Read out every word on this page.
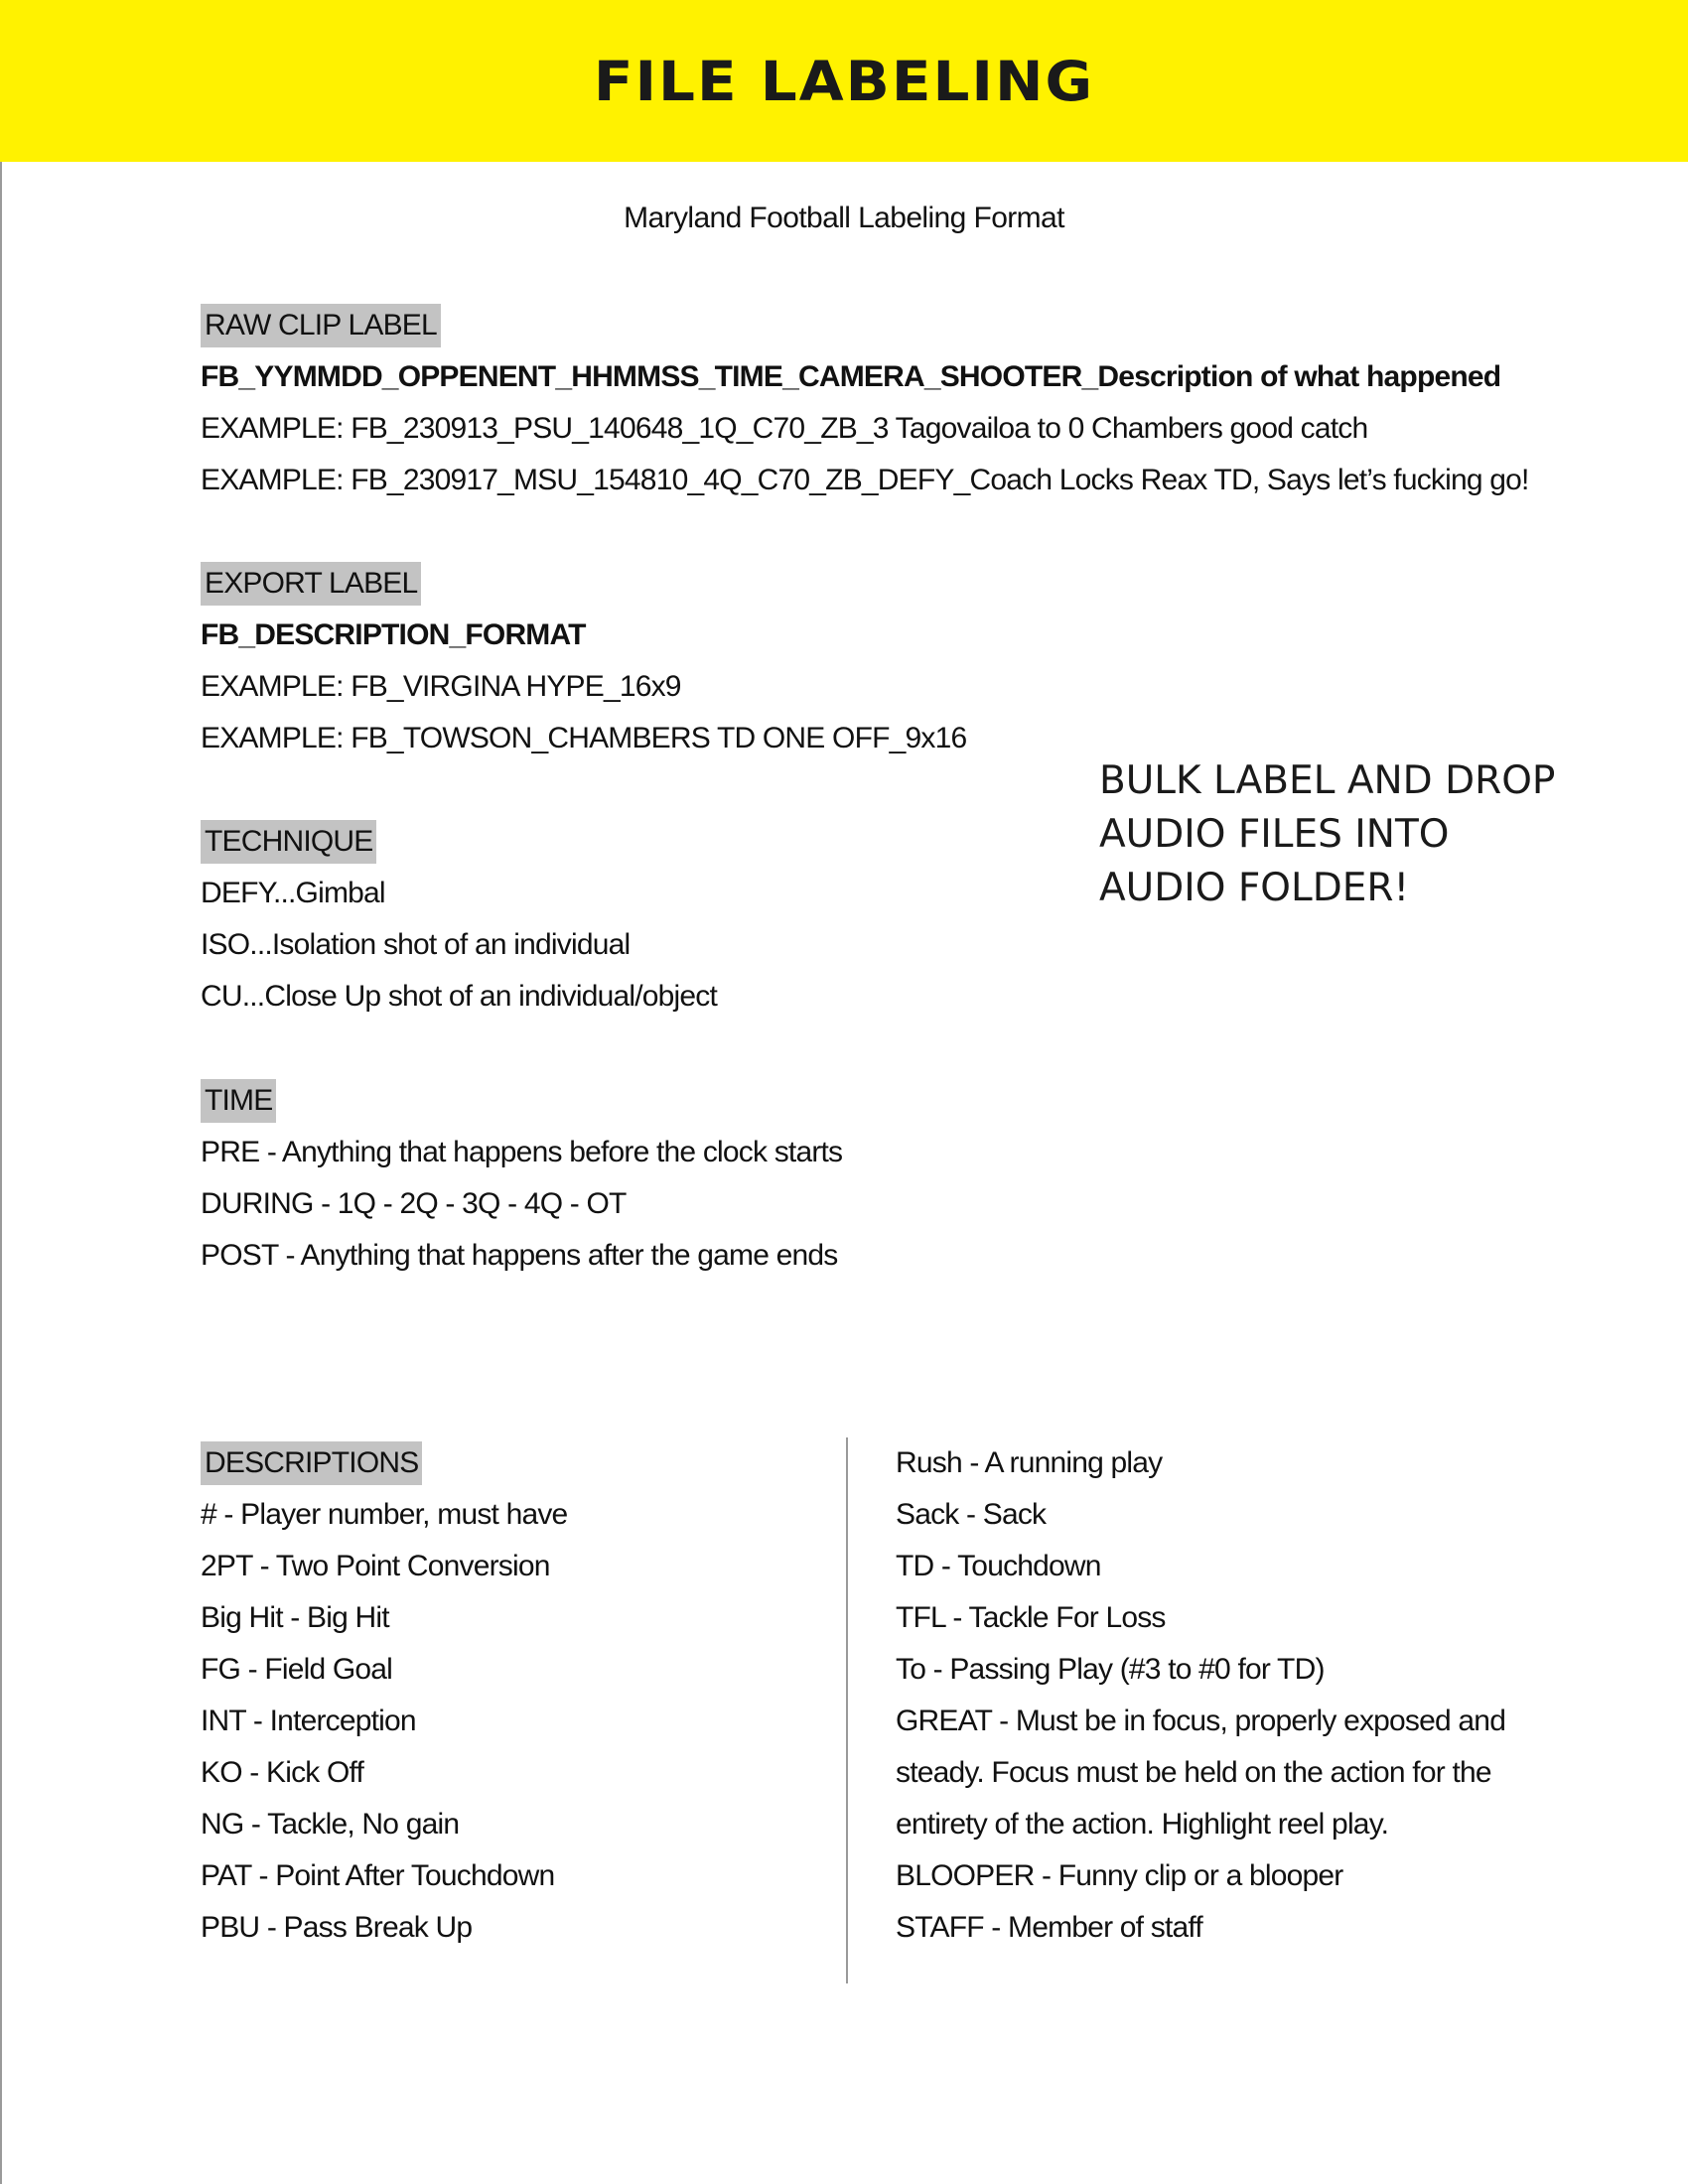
FILE LABELING
Maryland Football Labeling Format
RAW CLIP LABEL
FB_YYMMDD_OPPENENT_HHMMSS_TIME_CAMERA_SHOOTER_Description of what happened
EXAMPLE: FB_230913_PSU_140648_1Q_C70_ZB_3 Tagovailoa to 0 Chambers good catch
EXAMPLE: FB_230917_MSU_154810_4Q_C70_ZB_DEFY_Coach Locks Reax TD, Says let’s fucking go!
EXPORT LABEL
FB_DESCRIPTION_FORMAT
EXAMPLE: FB_VIRGINA HYPE_16x9
EXAMPLE: FB_TOWSON_CHAMBERS TD ONE OFF_9x16
TECHNIQUE
DEFY...Gimbal
ISO...Isolation shot of an individual
CU...Close Up shot of an individual/object
TIME
PRE - Anything that happens before the clock starts
DURING - 1Q - 2Q - 3Q - 4Q - OT
POST - Anything that happens after the game ends
BULK LABEL AND DROP
AUDIO FILES INTO
AUDIO FOLDER!
DESCRIPTIONS
# - Player number, must have
2PT - Two Point Conversion
Big Hit - Big Hit
FG - Field Goal
INT - Interception
KO - Kick Off
NG - Tackle, No gain
PAT - Point After Touchdown
PBU - Pass Break Up
Rush - A running play
Sack - Sack
TD - Touchdown
TFL - Tackle For Loss
To - Passing Play (#3 to #0 for TD)
GREAT - Must be in focus, properly exposed and
steady. Focus must be held on the action for the
entirety of the action. Highlight reel play.
BLOOPER - Funny clip or a blooper
STAFF - Member of staff
